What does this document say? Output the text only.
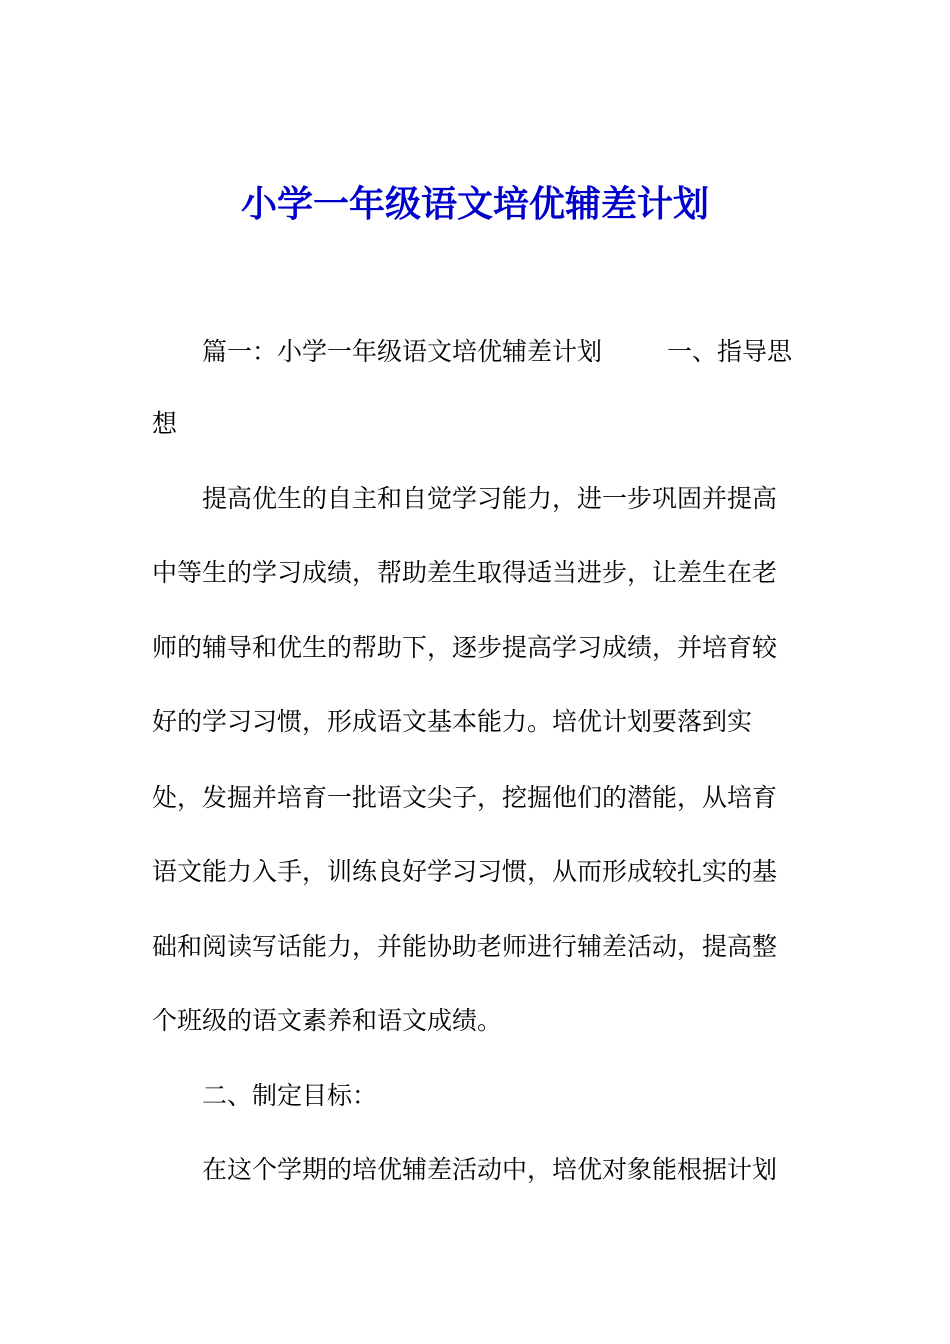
小学一年级语文培优辅差计划
篇一：小学一年级语文培优辅差计划	一、指导思

想

提高优生的自主和自觉学习能力，进一步巩固并提高

中等生的学习成绩，帮助差生取得适当进步，让差生在老

师的辅导和优生的帮助下，逐步提高学习成绩，并培育较

好的学习习惯，形成语文基本能力。培优计划要落到实

处，发掘并培育一批语文尖子，挖掘他们的潜能，从培育

语文能力入手，训练良好学习习惯，从而形成较扎实的基

础和阅读写话能力，并能协助老师进行辅差活动，提高整

个班级的语文素养和语文成绩。

二、制定目标：

在这个学期的培优辅差活动中，培优对象能根据计划
